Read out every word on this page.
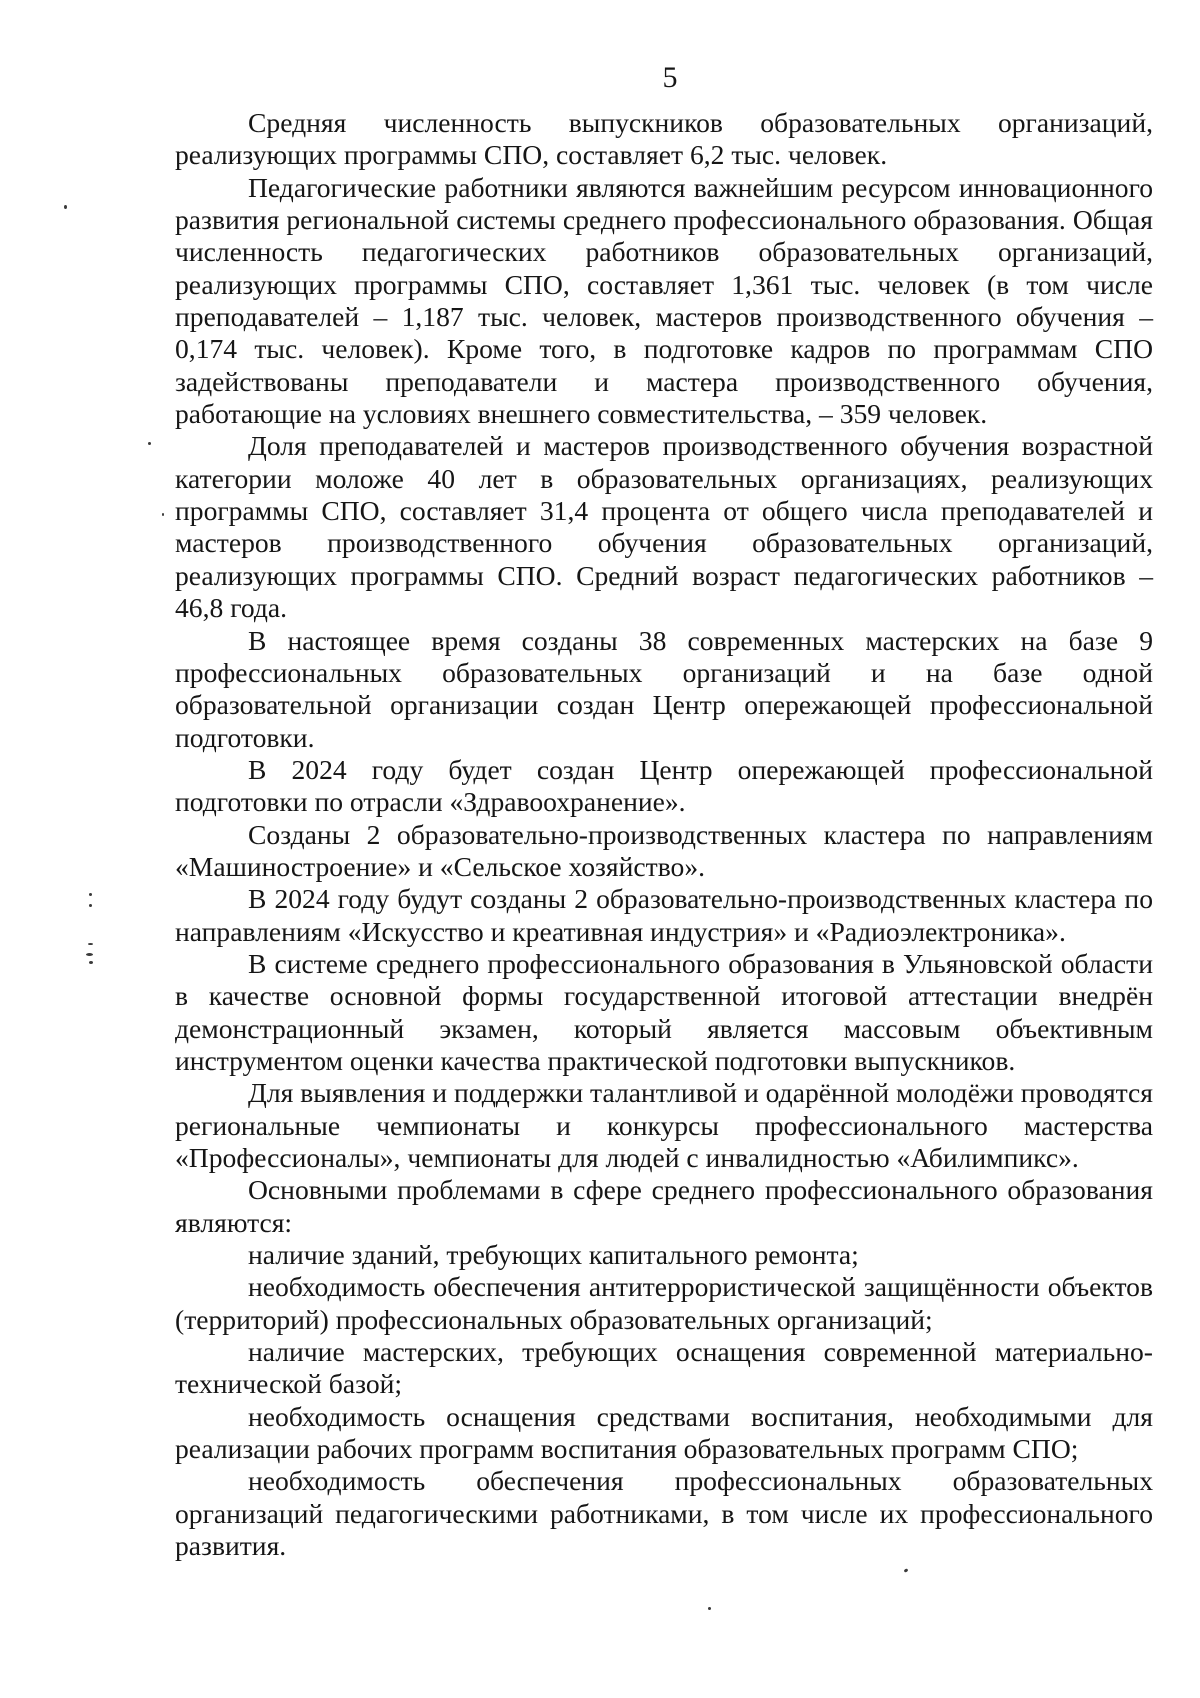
5

Средняя численность выпускников образовательных организаций, реализующих программы СПО, составляет 6,2 тыс. человек.

Педагогические работники являются важнейшим ресурсом инновационного развития региональной системы среднего профессионального образования. Общая численность педагогических работников образовательных организаций, реализующих программы СПО, составляет 1,361 тыс. человек (в том числе преподавателей – 1,187 тыс. человек, мастеров производственного обучения – 0,174 тыс. человек). Кроме того, в подготовке кадров по программам СПО задействованы преподаватели и мастера производственного обучения, работающие на условиях внешнего совместительства, – 359 человек.

Доля преподавателей и мастеров производственного обучения возрастной категории моложе 40 лет в образовательных организациях, реализующих программы СПО, составляет 31,4 процента от общего числа преподавателей и мастеров производственного обучения образовательных организаций, реализующих программы СПО. Средний возраст педагогических работников – 46,8 года.

В настоящее время созданы 38 современных мастерских на базе 9 профессиональных образовательных организаций и на базе одной образовательной организации создан Центр опережающей профессиональной подготовки.

В 2024 году будет создан Центр опережающей профессиональной подготовки по отрасли «Здравоохранение».

Созданы 2 образовательно-производственных кластера по направлениям «Машиностроение» и «Сельское хозяйство».

В 2024 году будут созданы 2 образовательно-производственных кластера по направлениям «Искусство и креативная индустрия» и «Радиоэлектроника».

В системе среднего профессионального образования в Ульяновской области в качестве основной формы государственной итоговой аттестации внедрён демонстрационный экзамен, который является массовым объективным инструментом оценки качества практической подготовки выпускников.

Для выявления и поддержки талантливой и одарённой молодёжи проводятся региональные чемпионаты и конкурсы профессионального мастерства «Профессионалы», чемпионаты для людей с инвалидностью «Абилимпикс».

Основными проблемами в сфере среднего профессионального образования являются:

наличие зданий, требующих капитального ремонта;

необходимость обеспечения антитеррористической защищённости объектов (территорий) профессиональных образовательных организаций;

наличие мастерских, требующих оснащения современной материально-технической базой;

необходимость оснащения средствами воспитания, необходимыми для реализации рабочих программ воспитания образовательных программ СПО;

необходимость обеспечения профессиональных образовательных организаций педагогическими работниками, в том числе их профессионального развития.
